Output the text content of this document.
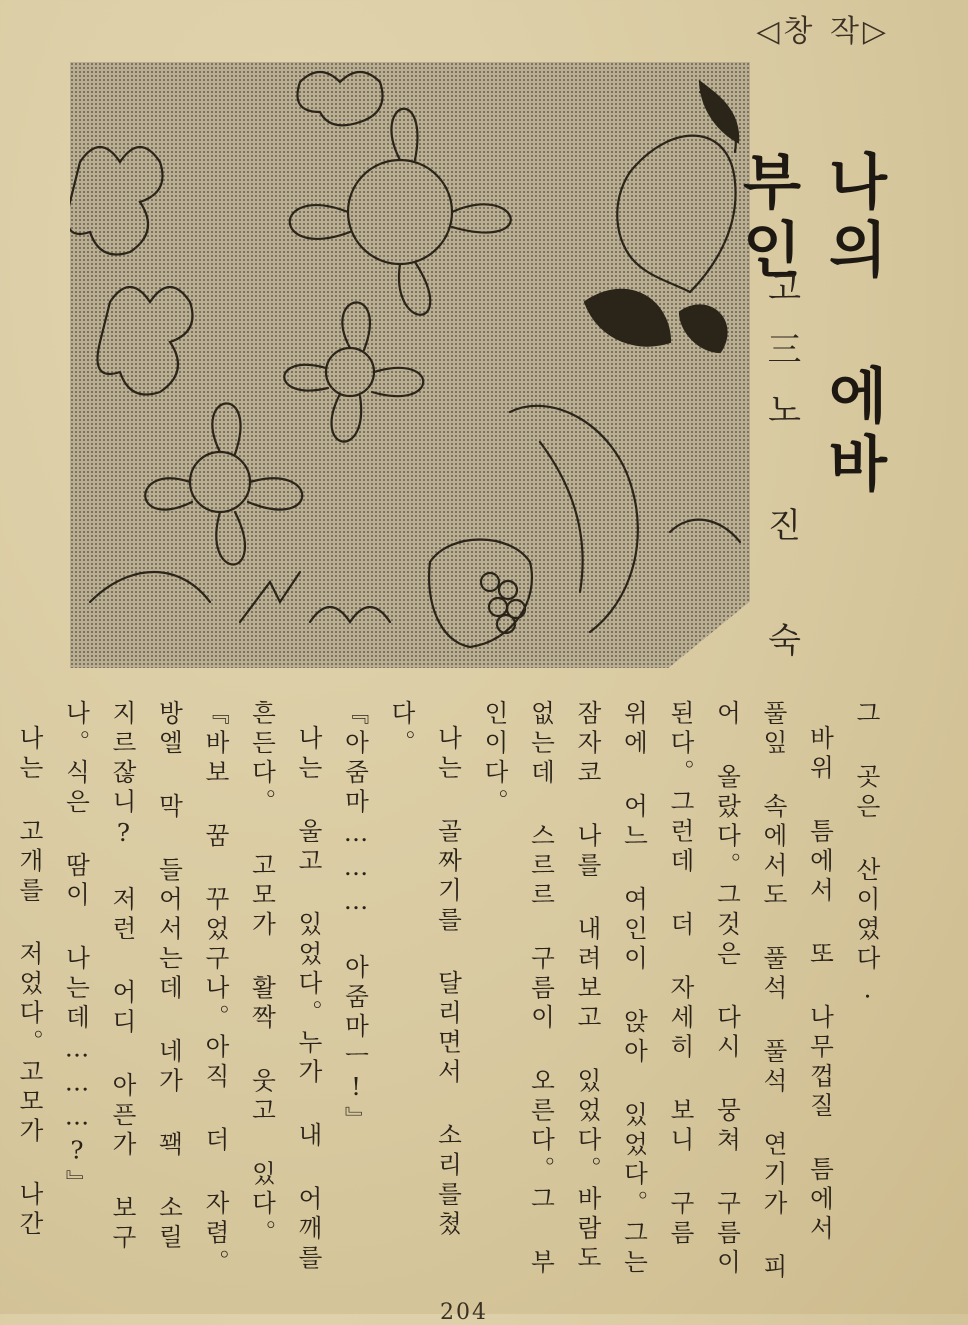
◁창 작▷
나의 에바부인
고三노 진 숙

그 곳은 산이였다.

바위 틈에서 또 나무껍질 틈에서 풀잎 속에서도 풀석 풀석 연기가 피어 올랐다。그것은 다시 뭉쳐 구름이 된다。그런데 더 자세히 보니 구름 위에 어느 여인이 앉아 있었다。그는 잠자코 나를 내려보고 있었다。바람도 없는데 스르르 구름이 오른다。그 부인이다。

나는 골짜기를 달리면서 소리를쳤다。

『아줌마……… 아줌마ㅡ!』

나는 울고 있었다。누가 내 어깨를 흔든다。 고모가 활짝 웃고 있다。

『바보 꿈 꾸었구나。아직 더 자렴。방엘 막 들어서는데 네가 꽥 소릴 지르잖니? 저런 어디 아픈가 보구나。식은 땀이 나는데………?』

나는 고개를 저었다。고모가 나간

204
